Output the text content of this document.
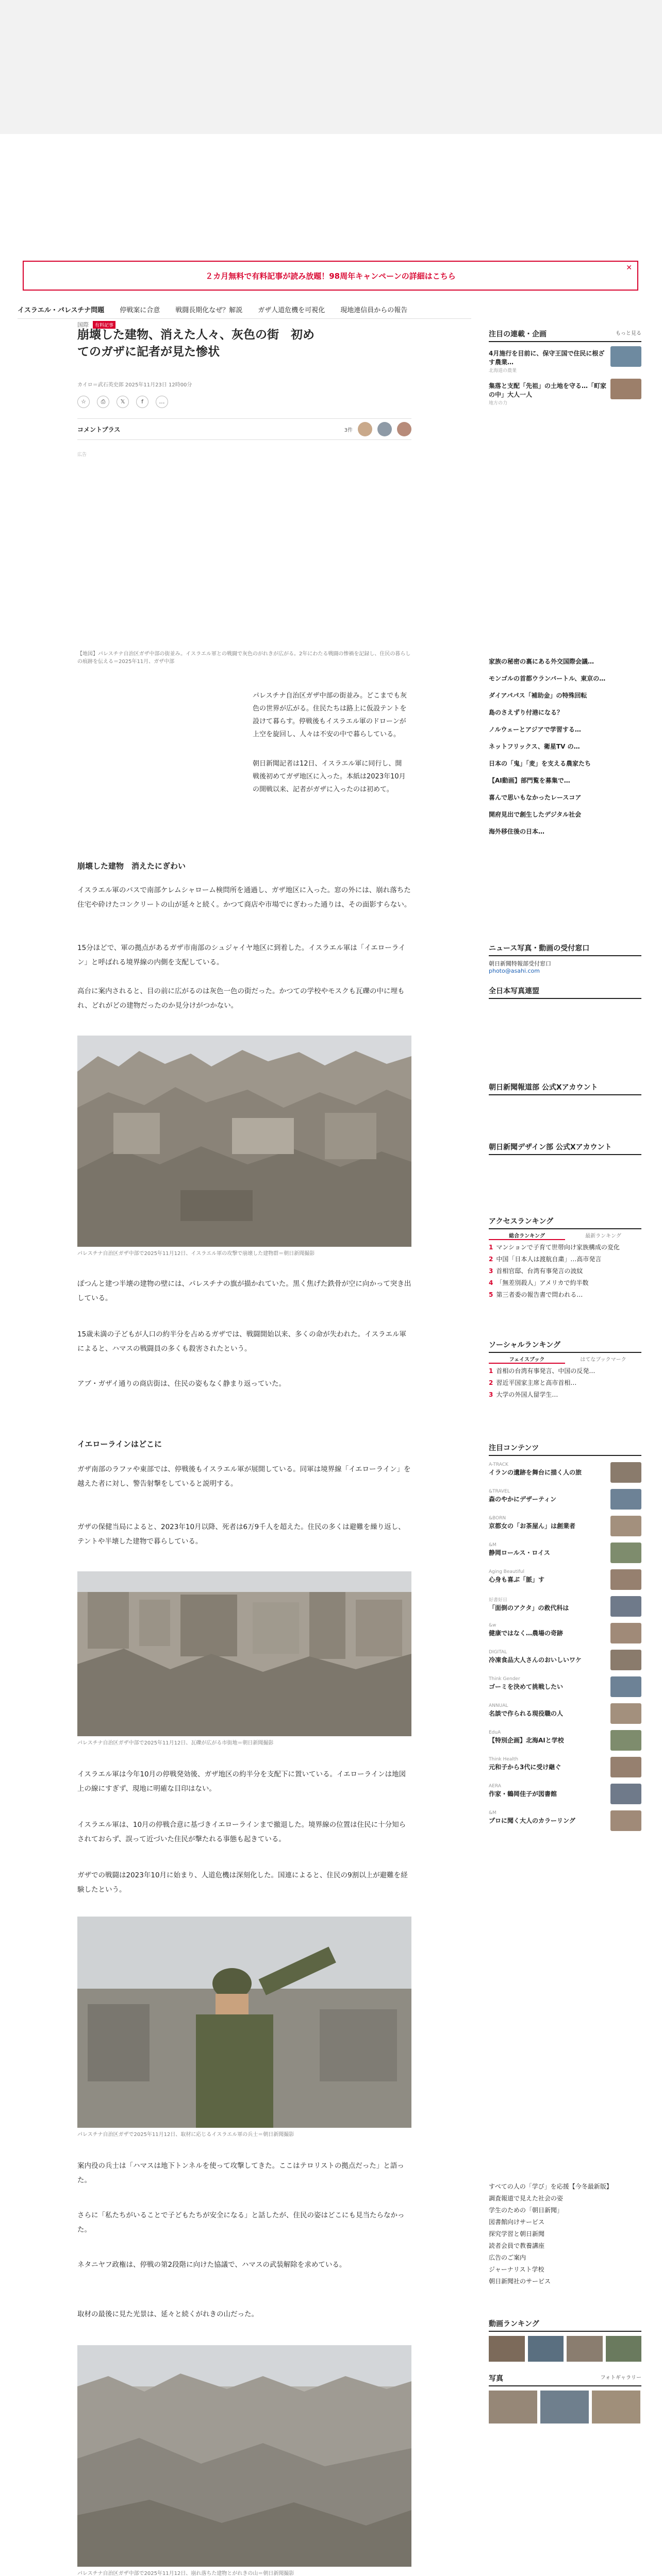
２カ月無料で有料記事が読み放題！98周年キャンペーンの詳細はこちら
✕
イスラエル・パレスチナ問題 停戦案に合意 戦闘長期化なぜ？解説 ガザ人道危機を可視化 現地連信員からの報告
国際	有料記事
崩壊した建物、消えた人々、灰色の街　初めてのガザに記者が見た惨状
カイロ＝武石英史郎 2025年11月23日 12時00分
☆	⎙	𝕏	f	…
コメントプラス	3件
広告
【地図】パレスチナ自治区ガザ中部の街並み。イスラエル軍との戦闘で灰色のがれきが広がる。2年にわたる戦闘の惨禍を記録し、住民の暮らしの痕跡を伝える＝2025年11月、ガザ中部
パレスチナ自治区ガザ中部の街並み。どこまでも灰色の世界が広がる。住民たちは路上に仮設テントを設けて暮らす。停戦後もイスラエル軍のドローンが上空を旋回し、人々は不安の中で暮らしている。
朝日新聞記者は12日、イスラエル軍に同行し、開戦後初めてガザ地区に入った。本紙は2023年10月の開戦以来、記者がガザに入ったのは初めて。
崩壊した建物　消えたにぎわい
イスラエル軍のバスで南部ケレムシャローム検問所を通過し、ガザ地区に入った。窓の外には、崩れ落ちた住宅や砕けたコンクリートの山が延々と続く。かつて商店や市場でにぎわった通りは、その面影すらない。
15分ほどで、軍の拠点があるガザ市南部のシュジャイヤ地区に到着した。イスラエル軍は「イエローライン」と呼ばれる境界線の内側を支配している。
高台に案内されると、目の前に広がるのは灰色一色の街だった。かつての学校やモスクも瓦礫の中に埋もれ、どれがどの建物だったのか見分けがつかない。
パレスチナ自治区ガザ中部で2025年11月12日、イスラエル軍の攻撃で崩壊した建物群＝朝日新聞撮影
ぽつんと建つ半壊の建物の壁には、パレスチナの旗が描かれていた。黒く焦げた鉄骨が空に向かって突き出している。
15歳未満の子どもが人口の約半分を占めるガザでは、戦闘開始以来、多くの命が失われた。イスラエル軍によると、ハマスの戦闘員の多くも殺害されたという。
アブ・ガザイ通りの商店街は、住民の姿もなく静まり返っていた。
イエローラインはどこに
ガザ南部のラファや東部では、停戦後もイスラエル軍が展開している。同軍は境界線「イエローライン」を越えた者に対し、警告射撃をしていると説明する。
ガザの保健当局によると、2023年10月以降、死者は6万9千人を超えた。住民の多くは避難を繰り返し、テントや半壊した建物で暮らしている。
パレスチナ自治区ガザ中部で2025年11月12日、瓦礫が広がる市街地＝朝日新聞撮影
イスラエル軍は今年10月の停戦発効後、ガザ地区の約半分を支配下に置いている。イエローラインは地図上の線にすぎず、現地に明確な目印はない。
イスラエル軍は、10月の停戦合意に基づきイエローラインまで撤退した。境界線の位置は住民に十分知らされておらず、誤って近づいた住民が撃たれる事態も起きている。
ガザでの戦闘は2023年10月に始まり、人道危機は深刻化した。国連によると、住民の9割以上が避難を経験したという。
パレスチナ自治区ガザで2025年11月12日、取材に応じるイスラエル軍の兵士＝朝日新聞撮影
案内役の兵士は「ハマスは地下トンネルを使って攻撃してきた。ここはテロリストの拠点だった」と語った。
さらに「私たちがいることで子どもたちが安全になる」と話したが、住民の姿はどこにも見当たらなかった。
ネタニヤフ政権は、停戦の第2段階に向けた協議で、ハマスの武装解除を求めている。
取材の最後に見た光景は、延々と続くがれきの山だった。
パレスチナ自治区ガザ中部で2025年11月12日、崩れ落ちた建物とがれきの山＝朝日新聞撮影
注目の連載・企画	もっと見る
4月施行を目前に、保守王国で住民に根ざす農業…
北海道の農業
集落と支配「先祖」の土地を守る…「町家の中」大人一人
地方の力
家族の秘密の裏にある外交国際会議…
モンゴルの首都ウランバートル、東京の…
ダイアパパス「補助金」の特殊回転
島のさえずり付港になる？
ノルウェーとアジアで学習する…
ネットフリックス、衛星TV の…
日本の「鬼」「麦」を支える農家たち
【AI動画】部門覧を募集で…
喜んで思いもなかったレースコア
開府見出で創生したデジタル社会
海外移住後の日本…
ニュース写真・動画の受付窓口
朝日新聞特報部受付窓口
photo@asahi.com
全日本写真連盟
朝日新聞報道部 公式Xアカウント
朝日新聞デザイン部 公式Xアカウント
アクセスランキング
総合ランキング	最新ランキング
1 マンションで子育て世帯向け家族構成の変化
2 中国「日本人は渡航自粛」…高市発言
3 首相官邸、台湾有事発言の波紋
4 「無差別殺人」アメリカで約半数
5 第三者委の報告書で問われる…
ソーシャルランキング
フェイスブック	はてなブックマーク
1 首相の台湾有事発言、中国の反発…
2 習近平国家主席と高市首相…
3 大学の外国人留学生…
注目コンテンツ
A-TRACK
イランの遺跡を舞台に描く人の旅
&TRAVEL
森のやかにデザーティン
&BORN
京都女の「お茶屋ん」は創業者
&M
静岡ロールス・ロイス
Aging Beautiful
心身も喜ぶ「脈」す
好書好日
「面倒のアクタ」の救代科は
&w
健康ではなく…農場の奇跡
DIGITAL
冷凍食品大人さんのおいしいワケ
Think Gender
ゴーミを決めて挑戦したい
ANNUAL
名談で作られる現役職の人
EduA
【特別企画】北海AIと学校
Think Health
元和子から3代に受け継ぐ
AERA
作家・鶴岡佳子が図書館
&M
プロに聞く大人のカラーリング
すべての人の「学び」を応援【今冬最新版】
調査報道で見えた社会の姿
学生のための「朝日新聞」
図書館向けサービス
探究学習と朝日新聞
読者会員で教養講座
広告のご案内
ジャーナリスト学校
朝日新聞社のサービス
動画ランキング
写真	フォトギャラリー
